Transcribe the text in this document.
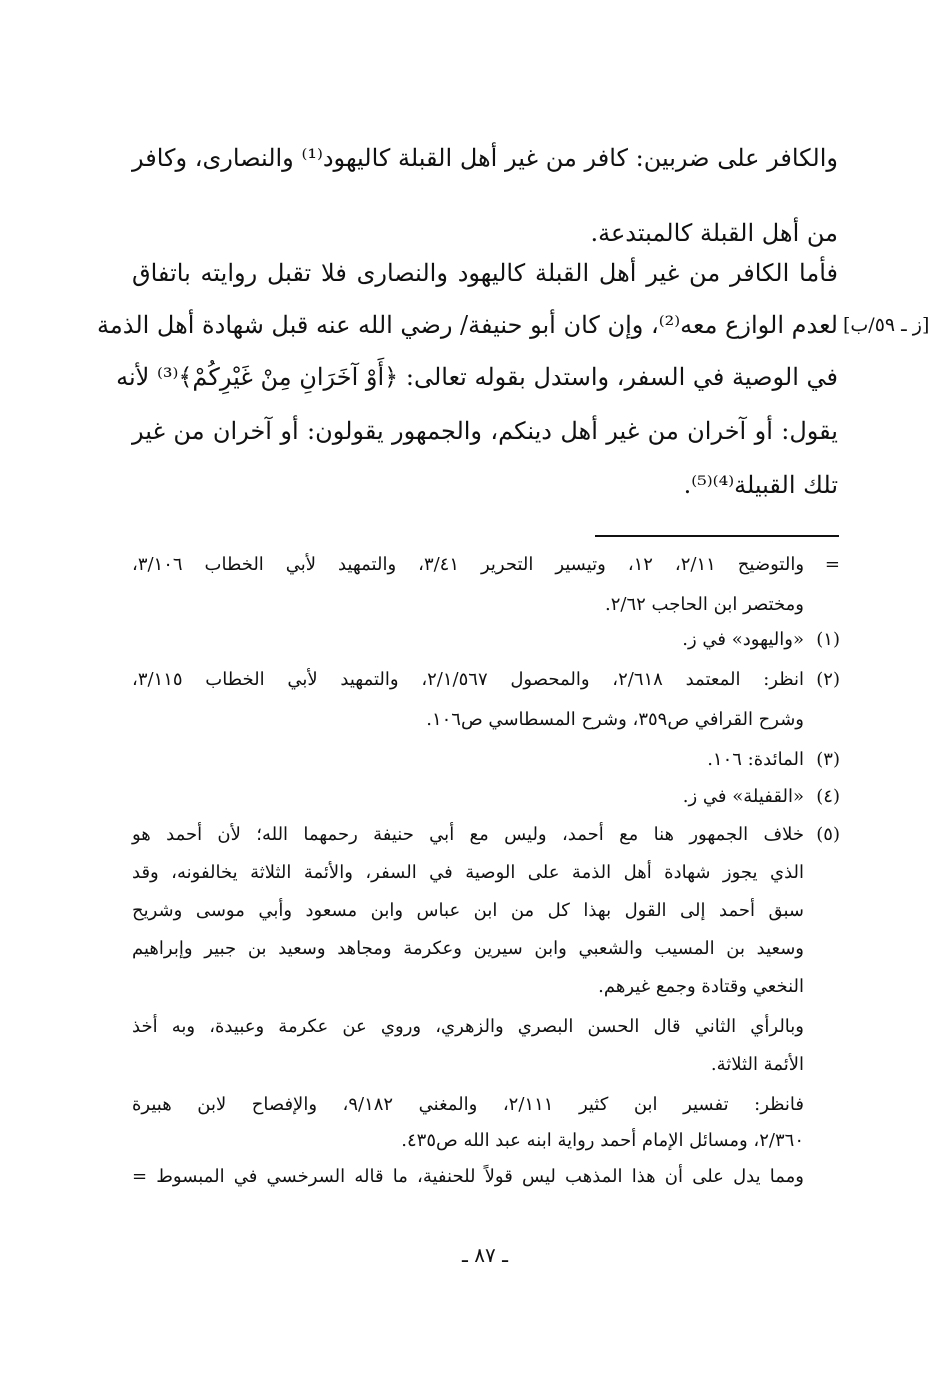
[ز ـ ٥٩/ب]
والكافر على ضربين: كافر من غير أهل القبلة كاليهود⁽¹⁾ والنصارى، وكافر
من أهل القبلة كالمبتدعة.
فأما الكافر من غير أهل القبلة كاليهود والنصارى فلا تقبل روايته باتفاق
لعدم الوازع معه⁽²⁾، وإن كان أبو حنيفة/ رضي الله عنه قبل شهادة أهل الذمة
في الوصية في السفر، واستدل بقوله تعالى: ﴿أَوْ آخَرَانِ مِنْ غَيْرِكُمْ﴾⁽³⁾ لأنه
يقول: أو آخران من غير أهل دينكم، والجمهور يقولون: أو آخران من غير
تلك القبيلة⁽⁴⁾⁽⁵⁾.
=
والتوضيح ٢/١١، ١٢، وتيسير التحرير ٣/٤١، والتمهيد لأبي الخطاب ٣/١٠٦،
ومختصر ابن الحاجب ٢/٦٢.
(١)
«واليهود» في ز.
(٢)
انظر: المعتمد ٢/٦١٨، والمحصول ٢/١/٥٦٧، والتمهيد لأبي الخطاب ٣/١١٥،
وشرح القرافي ص٣٥٩، وشرح المسطاسي ص١٠٦.
(٣)
المائدة: ١٠٦.
(٤)
«القفيلة» في ز.
(٥)
خلاف الجمهور هنا مع أحمد، وليس مع أبي حنيفة رحمهما الله؛ لأن أحمد هو
الذي يجوز شهادة أهل الذمة على الوصية في السفر، والأئمة الثلاثة يخالفونه، وقد
سبق أحمد إلى القول بهذا كل من ابن عباس وابن مسعود وأبي موسى وشريح
وسعيد بن المسيب والشعبي وابن سيرين وعكرمة ومجاهد وسعيد بن جبير وإبراهيم
النخعي وقتادة وجمع غيرهم.
وبالرأي الثاني قال الحسن البصري والزهري، وروي عن عكرمة وعبيدة، وبه أخذ
الأئمة الثلاثة.
فانظر: تفسير ابن كثير ٢/١١١، والمغني ٩/١٨٢، والإفصاح لابن هبيرة
٢/٣٦٠، ومسائل الإمام أحمد رواية ابنه عبد الله ص٤٣٥.
ومما يدل على أن هذا المذهب ليس قولاً للحنفية، ما قاله السرخسي في المبسوط =
ـ ٨٧ ـ
